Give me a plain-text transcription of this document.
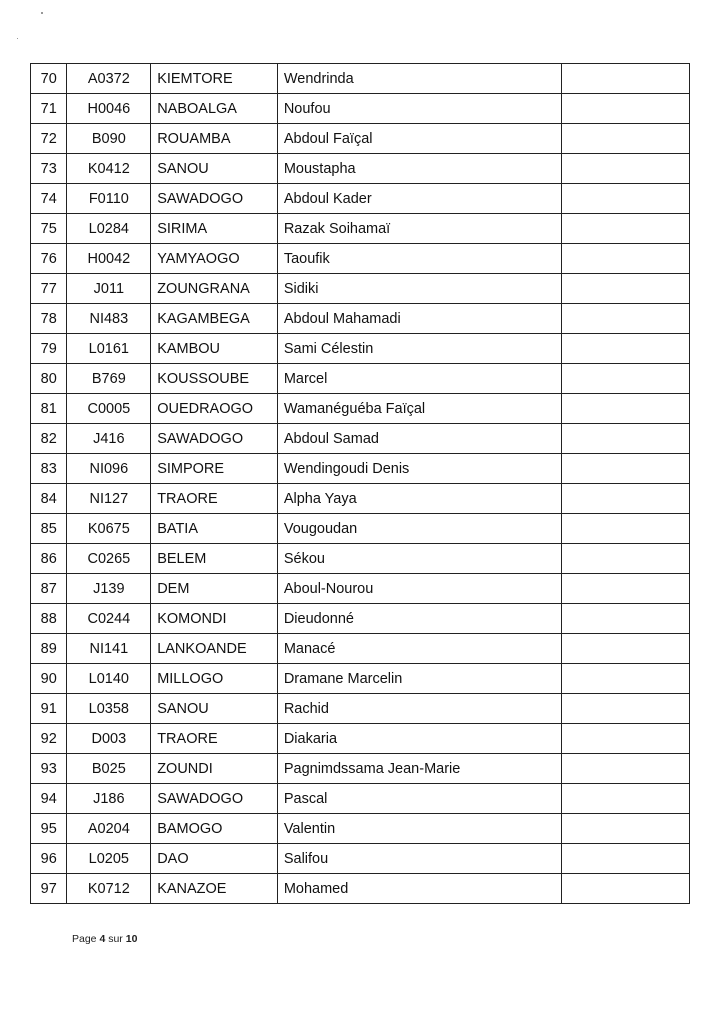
70	A0372	KIEMTORE	Wendrinda	
71	H0046	NABOALGA	Noufou	
72	B090	ROUAMBA	Abdoul Faïçal	
73	K0412	SANOU	Moustapha	
74	F0110	SAWADOGO	Abdoul Kader	
75	L0284	SIRIMA	Razak Soihamaï	
76	H0042	YAMYAOGO	Taoufik	
77	J011	ZOUNGRANA	Sidiki	
78	NI483	KAGAMBEGA	Abdoul Mahamadi	
79	L0161	KAMBOU	Sami Célestin	
80	B769	KOUSSOUBE	Marcel	
81	C0005	OUEDRAOGO	Wamanéguéba Faïçal	
82	J416	SAWADOGO	Abdoul Samad	
83	NI096	SIMPORE	Wendingoudi Denis	
84	NI127	TRAORE	Alpha Yaya	
85	K0675	BATIA	Vougoudan	
86	C0265	BELEM	Sékou	
87	J139	DEM	Aboul-Nourou	
88	C0244	KOMONDI	Dieudonné	
89	NI141	LANKOANDE	Manacé	
90	L0140	MILLOGO	Dramane Marcelin	
91	L0358	SANOU	Rachid	
92	D003	TRAORE	Diakaria	
93	B025	ZOUNDI	Pagnimdssama Jean-Marie	
94	J186	SAWADOGO	Pascal	
95	A0204	BAMOGO	Valentin	
96	L0205	DAO	Salifou	
97	K0712	KANAZOE	Mohamed	
Page 4 sur 10
